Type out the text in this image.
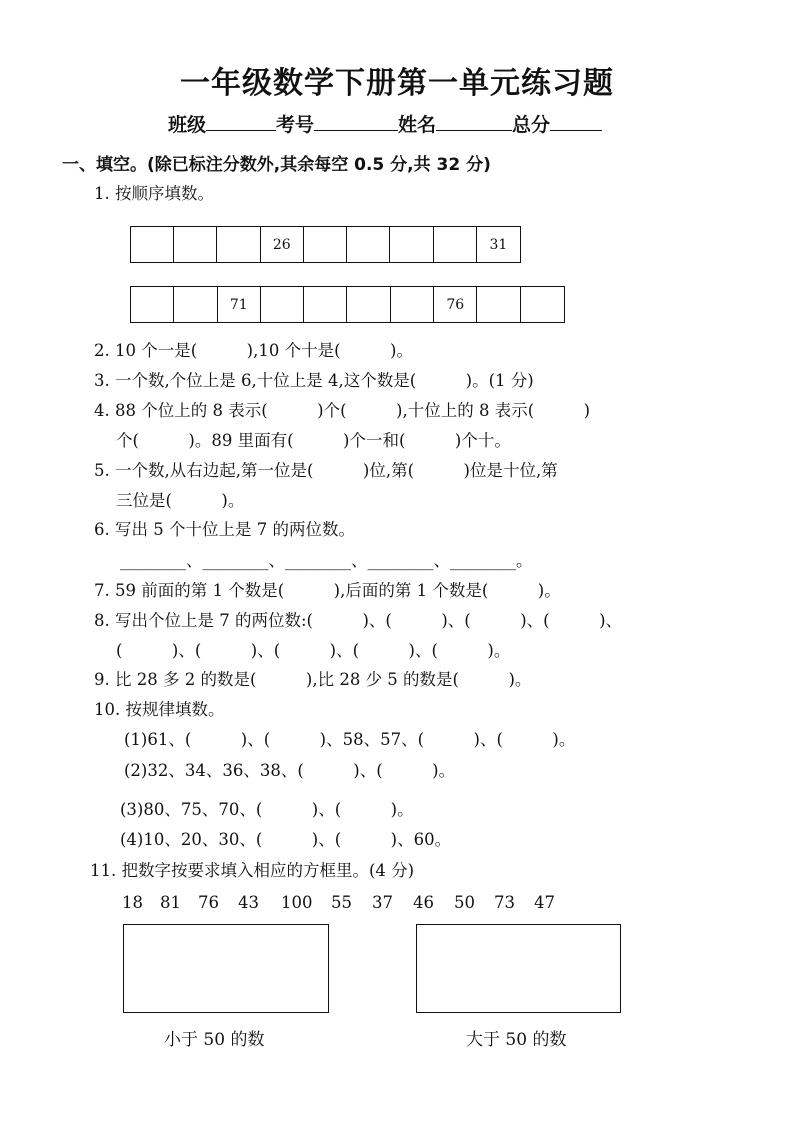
一年级数学下册第一单元练习题
班级	考号	姓名	总分
一、填空。(除已标注分数外,其余每空 0.5 分,共 32 分)
1. 按顺序填数。
26	31
71	76
2. 10 个一是(　　　),10 个十是(　　　)。
3. 一个数,个位上是 6,十位上是 4,这个数是(　　　)。(1 分)
4. 88 个位上的 8 表示(　　　)个(　　　),十位上的 8 表示(　　　)
个(　　　)。89 里面有(　　　)个一和(　　　)个十。
5. 一个数,从右边起,第一位是(　　　)位,第(　　　)位是十位,第
三位是(　　　)。
6. 写出 5 个十位上是 7 的两位数。
________、________、________、________、________。
7. 59 前面的第 1 个数是(　　　),后面的第 1 个数是(　　　)。
8. 写出个位上是 7 的两位数:(　　　)、(　　　)、(　　　)、(　　　)、
(　　　)、(　　　)、(　　　)、(　　　)、(　　　)。
9. 比 28 多 2 的数是(　　　),比 28 少 5 的数是(　　　)。
10. 按规律填数。
(1)61、(　　　)、(　　　)、58、57、(　　　)、(　　　)。
(2)32、34、36、38、(　　　)、(　　　)。
(3)80、75、70、(　　　)、(　　　)。
(4)10、20、30、(　　　)、(　　　)、60。
11. 把数字按要求填入相应的方框里。(4 分)
18 81 76 43 100 55 37 46 50 73 47
小于 50 的数	大于 50 的数
